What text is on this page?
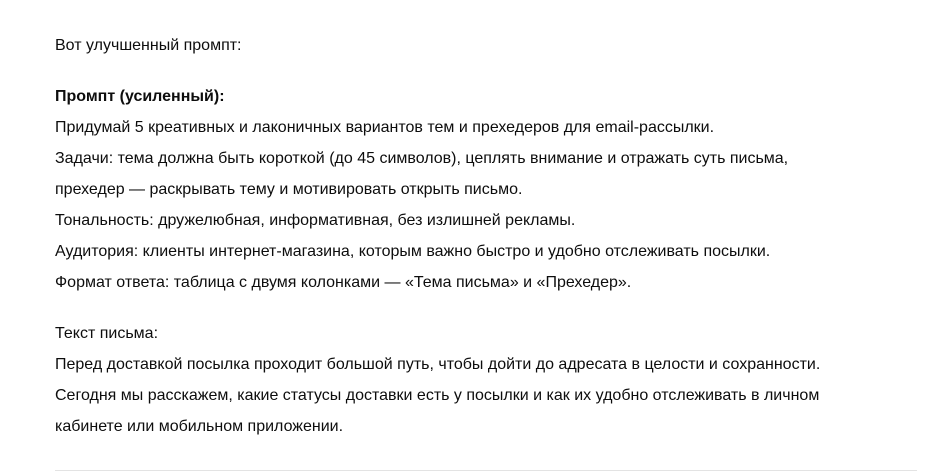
Вот улучшенный промпт:

Промпт (усиленный):

Придумай 5 креативных и лаконичных вариантов тем и прехедеров для email-рассылки.

Задачи: тема должна быть короткой (до 45 символов), цеплять внимание и отражать суть письма,

прехедер — раскрывать тему и мотивировать открыть письмо.

Тональность: дружелюбная, информативная, без излишней рекламы.

Аудитория: клиенты интернет-магазина, которым важно быстро и удобно отслеживать посылки.

Формат ответа: таблица с двумя колонками — «Тема письма» и «Прехедер».

Текст письма:

Перед доставкой посылка проходит большой путь, чтобы дойти до адресата в целости и сохранности.

Сегодня мы расскажем, какие статусы доставки есть у посылки и как их удобно отслеживать в личном

кабинете или мобильном приложении.
